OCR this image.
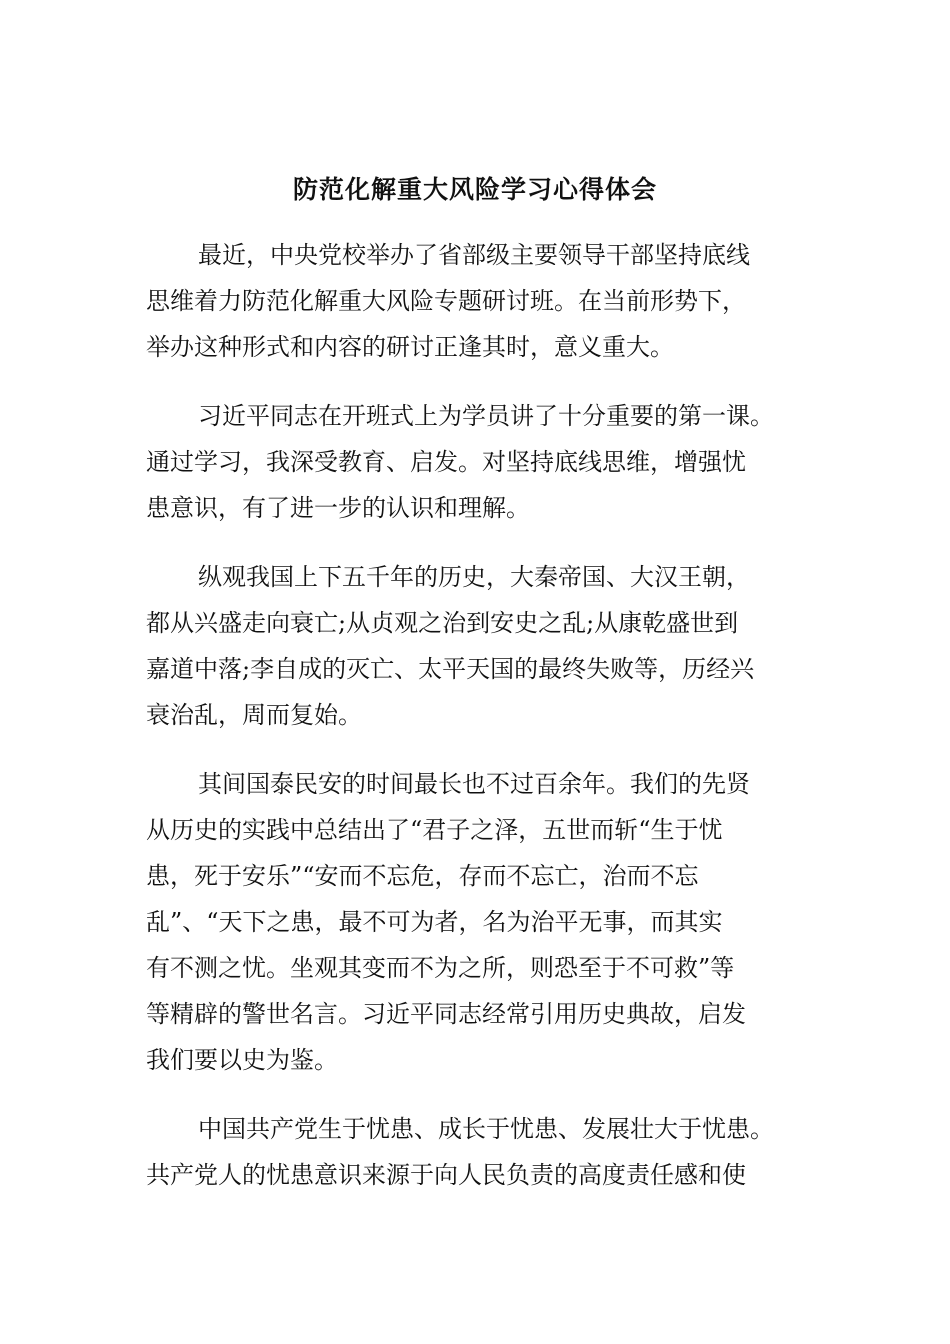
防范化解重大风险学习心得体会

最近，中央党校举办了省部级主要领导干部坚持底线
思维着力防范化解重大风险专题研讨班。在当前形势下，
举办这种形式和内容的研讨正逢其时，意义重大。

习近平同志在开班式上为学员讲了十分重要的第一课。
通过学习，我深受教育、启发。对坚持底线思维，增强忧
患意识，有了进一步的认识和理解。

纵观我国上下五千年的历史，大秦帝国、大汉王朝，
都从兴盛走向衰亡;从贞观之治到安史之乱;从康乾盛世到
嘉道中落;李自成的灭亡、太平天国的最终失败等，历经兴
衰治乱，周而复始。

其间国泰民安的时间最长也不过百余年。我们的先贤
从历史的实践中总结出了“君子之泽，五世而斩“生于忧
患，死于安乐”“安而不忘危，存而不忘亡，治而不忘
乱”、“天下之患，最不可为者，名为治平无事，而其实
有不测之忧。坐观其变而不为之所，则恐至于不可救”等
等精辟的警世名言。习近平同志经常引用历史典故，启发
我们要以史为鉴。

中国共产党生于忧患、成长于忧患、发展壮大于忧患。
共产党人的忧患意识来源于向人民负责的高度责任感和使
